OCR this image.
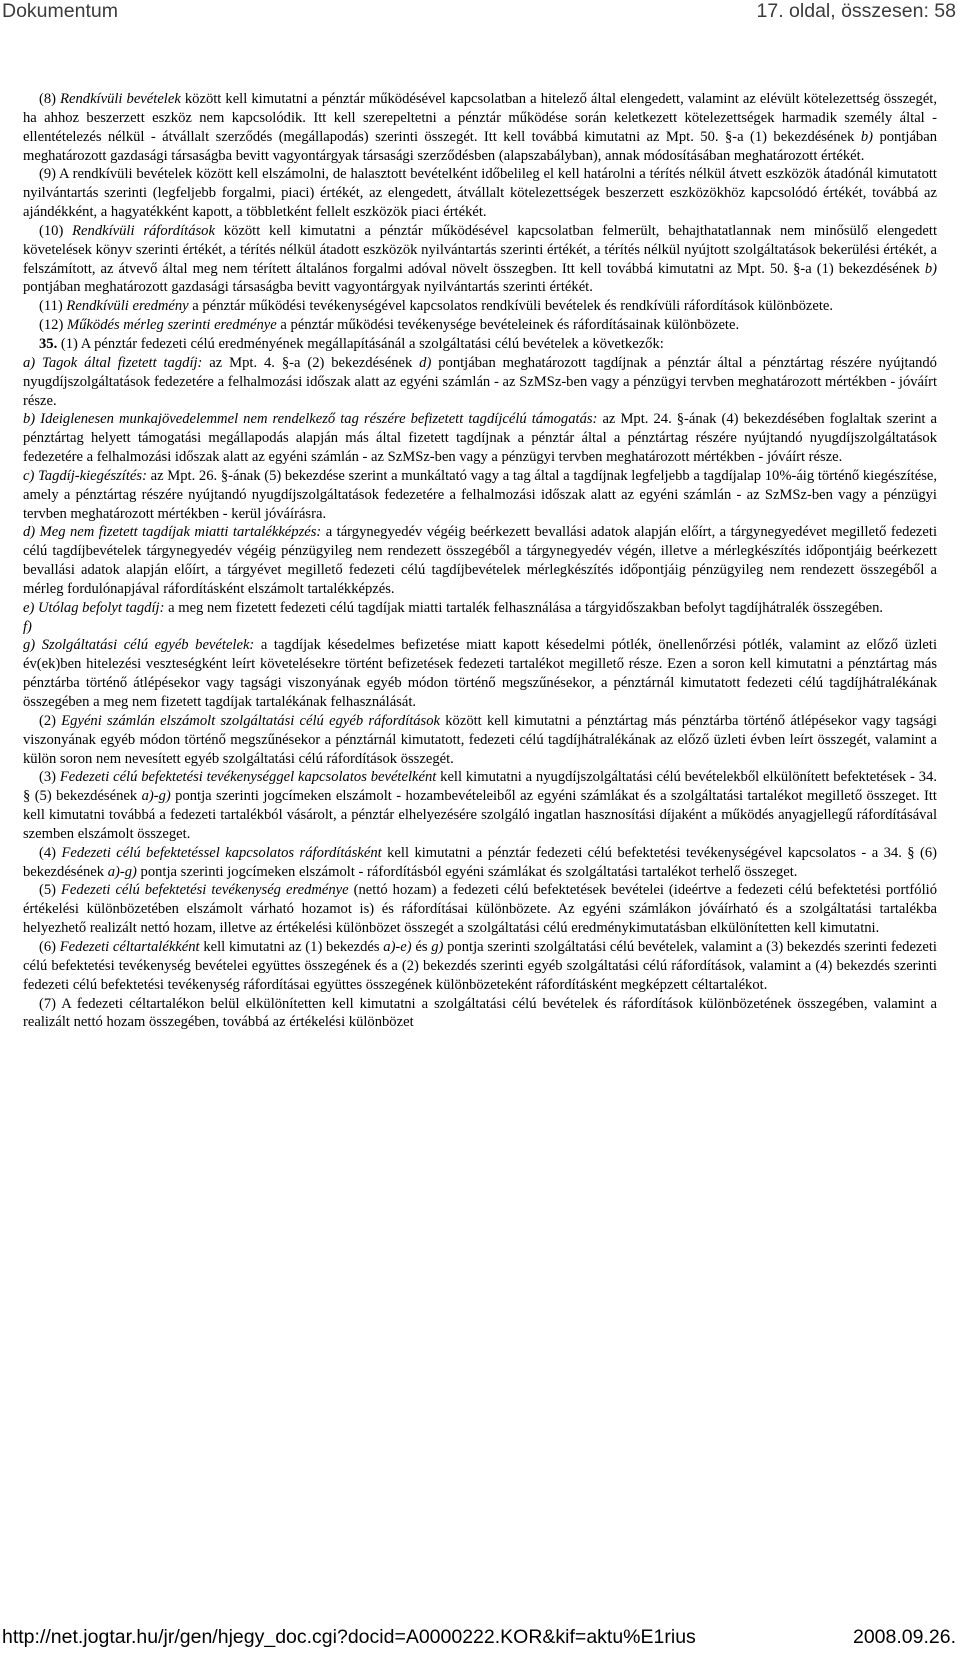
Dokumentum	17. oldal, összesen: 58

(8) Rendkívüli bevételek között kell kimutatni a pénztár működésével kapcsolatban a hitelező által elengedett, valamint az elévült kötelezettség összegét, ha ahhoz beszerzett eszköz nem kapcsolódik. Itt kell szerepeltetni a pénztár működése során keletkezett kötelezettségek harmadik személy által - ellentételezés nélkül - átvállalt szerződés (megállapodás) szerinti összegét. Itt kell továbbá kimutatni az Mpt. 50. §-a (1) bekezdésének b) pontjában meghatározott gazdasági társaságba bevitt vagyontárgyak társasági szerződésben (alapszabályban), annak módosításában meghatározott értékét.

(9) A rendkívüli bevételek között kell elszámolni, de halasztott bevételként időbelileg el kell határolni a térítés nélkül átvett eszközök átadónál kimutatott nyilvántartás szerinti (legfeljebb forgalmi, piaci) értékét, az elengedett, átvállalt kötelezettségek beszerzett eszközökhöz kapcsolódó értékét, továbbá az ajándékként, a hagyatékként kapott, a többletként fellelt eszközök piaci értékét.

(10) Rendkívüli ráfordítások között kell kimutatni a pénztár működésével kapcsolatban felmerült, behajthatatlannak nem minősülő elengedett követelések könyv szerinti értékét, a térítés nélkül átadott eszközök nyilvántartás szerinti értékét, a térítés nélkül nyújtott szolgáltatások bekerülési értékét, a felszámított, az átvevő által meg nem térített általános forgalmi adóval növelt összegben. Itt kell továbbá kimutatni az Mpt. 50. §-a (1) bekezdésének b) pontjában meghatározott gazdasági társaságba bevitt vagyontárgyak nyilvántartás szerinti értékét.

(11) Rendkívüli eredmény a pénztár működési tevékenységével kapcsolatos rendkívüli bevételek és rendkívüli ráfordítások különbözete.

(12) Működés mérleg szerinti eredménye a pénztár működési tevékenysége bevételeinek és ráfordításainak különbözete.

35. (1) A pénztár fedezeti célú eredményének megállapításánál a szolgáltatási célú bevételek a következők:

a) Tagok által fizetett tagdíj: az Mpt. 4. §-a (2) bekezdésének d) pontjában meghatározott tagdíjnak a pénztár által a pénztártag részére nyújtandó nyugdíjszolgáltatások fedezetére a felhalmozási időszak alatt az egyéni számlán - az SzMSz-ben vagy a pénzügyi tervben meghatározott mértékben - jóváírt része.

b) Ideiglenesen munkajövedelemmel nem rendelkező tag részére befizetett tagdíjcélú támogatás: az Mpt. 24. §-ának (4) bekezdésében foglaltak szerint a pénztártag helyett támogatási megállapodás alapján más által fizetett tagdíjnak a pénztár által a pénztártag részére nyújtandó nyugdíjszolgáltatások fedezetére a felhalmozási időszak alatt az egyéni számlán - az SzMSz-ben vagy a pénzügyi tervben meghatározott mértékben - jóváírt része.

c) Tagdíj-kiegészítés: az Mpt. 26. §-ának (5) bekezdése szerint a munkáltató vagy a tag által a tagdíjnak legfeljebb a tagdíjalap 10%-áig történő kiegészítése, amely a pénztártag részére nyújtandó nyugdíjszolgáltatások fedezetére a felhalmozási időszak alatt az egyéni számlán - az SzMSz-ben vagy a pénzügyi tervben meghatározott mértékben - kerül jóváírásra.

d) Meg nem fizetett tagdíjak miatti tartalékképzés: a tárgynegyedév végéig beérkezett bevallási adatok alapján előírt, a tárgynegyedévet megillető fedezeti célú tagdíjbevételek tárgynegyedév végéig pénzügyileg nem rendezett összegéből a tárgynegyedév végén, illetve a mérlegkészítés időpontjáig beérkezett bevallási adatok alapján előírt, a tárgyévet megillető fedezeti célú tagdíjbevételek mérlegkészítés időpontjáig pénzügyileg nem rendezett összegéből a mérleg fordulónapjával ráfordításként elszámolt tartalékképzés.

e) Utólag befolyt tagdíj: a meg nem fizetett fedezeti célú tagdíjak miatti tartalék felhasználása a tárgyidőszakban befolyt tagdíjhátralék összegében.

f)

g) Szolgáltatási célú egyéb bevételek: a tagdíjak késedelmes befizetése miatt kapott késedelmi pótlék, önellenőrzési pótlék, valamint az előző üzleti év(ek)ben hitelezési veszteségként leírt követelésekre történt befizetések fedezeti tartalékot megillető része. Ezen a soron kell kimutatni a pénztártag más pénztárba történő átlépésekor vagy tagsági viszonyának egyéb módon történő megszűnésekor, a pénztárnál kimutatott fedezeti célú tagdíjhátralékának összegében a meg nem fizetett tagdíjak tartalékának felhasználását.

(2) Egyéni számlán elszámolt szolgáltatási célú egyéb ráfordítások között kell kimutatni a pénztártag más pénztárba történő átlépésekor vagy tagsági viszonyának egyéb módon történő megszűnésekor a pénztárnál kimutatott, fedezeti célú tagdíjhátralékának az előző üzleti évben leírt összegét, valamint a külön soron nem nevesített egyéb szolgáltatási célú ráfordítások összegét.

(3) Fedezeti célú befektetési tevékenységgel kapcsolatos bevételként kell kimutatni a nyugdíjszolgáltatási célú bevételekből elkülönített befektetések - 34. § (5) bekezdésének a)-g) pontja szerinti jogcímeken elszámolt - hozambevételeiből az egyéni számlákat és a szolgáltatási tartalékot megillető összeget. Itt kell kimutatni továbbá a fedezeti tartalékból vásárolt, a pénztár elhelyezésére szolgáló ingatlan hasznosítási díjaként a működés anyagjellegű ráfordításával szemben elszámolt összeget.

(4) Fedezeti célú befektetéssel kapcsolatos ráfordításként kell kimutatni a pénztár fedezeti célú befektetési tevékenységével kapcsolatos - a 34. § (6) bekezdésének a)-g) pontja szerinti jogcímeken elszámolt - ráfordításból egyéni számlákat és szolgáltatási tartalékot terhelő összeget.

(5) Fedezeti célú befektetési tevékenység eredménye (nettó hozam) a fedezeti célú befektetések bevételei (ideértve a fedezeti célú befektetési portfólió értékelési különbözetében elszámolt várható hozamot is) és ráfordításai különbözete. Az egyéni számlákon jóváírható és a szolgáltatási tartalékba helyezhető realizált nettó hozam, illetve az értékelési különbözet összegét a szolgáltatási célú eredménykimutatásban elkülönítetten kell kimutatni.

(6) Fedezeti céltartalékként kell kimutatni az (1) bekezdés a)-e) és g) pontja szerinti szolgáltatási célú bevételek, valamint a (3) bekezdés szerinti fedezeti célú befektetési tevékenység bevételei együttes összegének és a (2) bekezdés szerinti egyéb szolgáltatási célú ráfordítások, valamint a (4) bekezdés szerinti fedezeti célú befektetési tevékenység ráfordításai együttes összegének különbözeteként ráfordításként megképzett céltartalékot.

(7) A fedezeti céltartalékon belül elkülönítetten kell kimutatni a szolgáltatási célú bevételek és ráfordítások különbözetének összegében, valamint a realizált nettó hozam összegében, továbbá az értékelési különbözet

http://net.jogtar.hu/jr/gen/hjegy_doc.cgi?docid=A0000222.KOR&kif=aktu%E1rius	2008.09.26.
